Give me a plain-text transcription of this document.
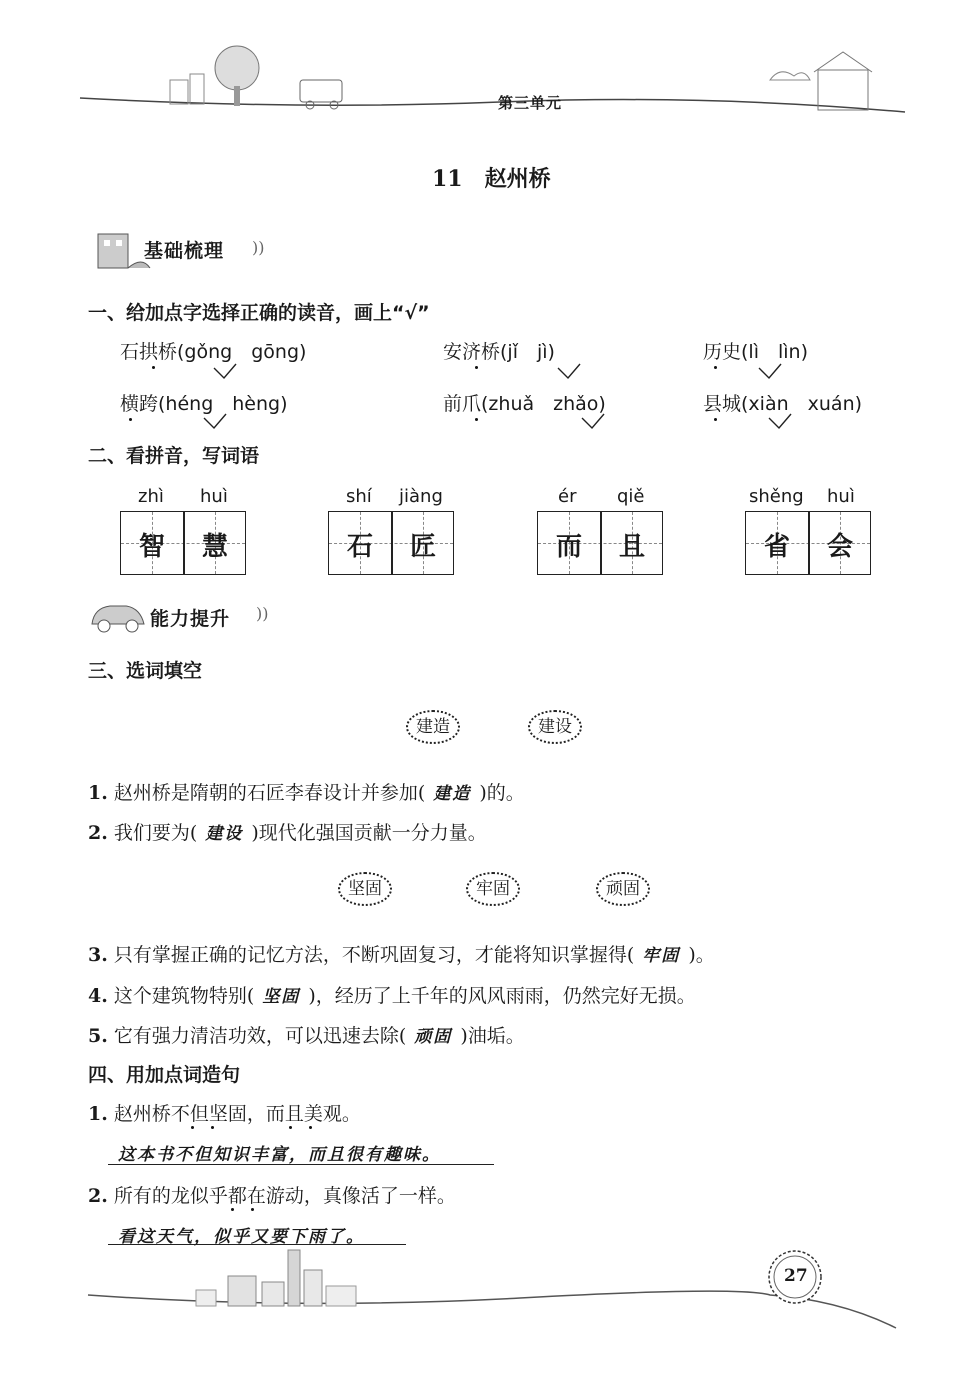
第三单元
11　赵州桥
基础梳理 ))
一、给加点字选择正确的读音，画上“√”
石拱桥(gǒng　gōng)	安济桥(jǐ　jì)	历史(lì　lìn)
横跨(héng　hèng)	前爪(zhuǎ　zhǎo)	县城(xiàn　xuán)
二、看拼音，写词语
zhì huì	shí jiàng	ér qiě	shěng huì
智	慧	石	匠	而	且	省	会
能力提升 ))
三、选词填空
建造	建设
1. 赵州桥是隋朝的石匠李春设计并参加( 建造 )的。
2. 我们要为( 建设 )现代化强国贡献一分力量。
坚固	牢固	顽固
3. 只有掌握正确的记忆方法，不断巩固复习，才能将知识掌握得( 牢固 )。
4. 这个建筑物特别( 坚固 )，经历了上千年的风风雨雨，仍然完好无损。
5. 它有强力清洁功效，可以迅速去除( 顽固 )油垢。
四、用加点词造句
1. 赵州桥不但坚固，而且美观。
这本书不但知识丰富，而且很有趣味。
2. 所有的龙似乎都在游动，真像活了一样。
看这天气，似乎又要下雨了。
27
